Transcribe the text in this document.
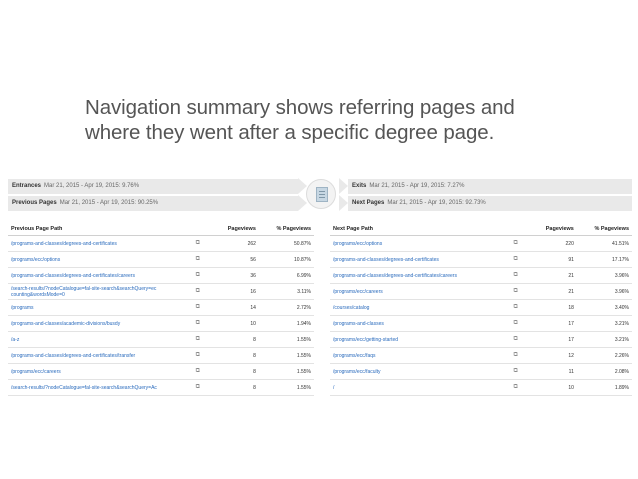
Navigation summary shows referring pages and
where they went after a specific degree page.
Entrances Mar 21, 2015 - Apr 19, 2015: 9.76%
Previous Pages Mar 21, 2015 - Apr 19, 2015: 90.25%
Exits Mar 21, 2015 - Apr 19, 2015: 7.27%
Next Pages Mar 21, 2015 - Apr 19, 2015: 92.73%
Previous Page Path		Pageviews	% Pageviews
/programs-and-classes/degrees-and-certificates	⧉	262	50.87%
/programs/ecc/options	⧉	56	10.87%
/programs-and-classes/degrees-and-certificates/careers	⧉	36	6.99%
/search-results/?nodeCatalogue=fal-site-search&searchQuery=ec counting&wordsMode=0	⧉	16	3.11%
/programs	⧉	14	2.72%
/programs-and-classes/academic-divisions/busdy	⧉	10	1.94%
/a-z	⧉	8	1.55%
/programs-and-classes/degrees-and-certificates/transfer	⧉	8	1.55%
/programs/ecc/careers	⧉	8	1.55%
/search-results/?nodeCatalogue=fal-site-search&searchQuery=Ac	⧉	8	1.55%
Next Page Path		Pageviews	% Pageviews
/programs/ecc/options	⧉	220	41.51%
/programs-and-classes/degrees-and-certificates	⧉	91	17.17%
/programs-and-classes/degrees-and-certificates/careers	⧉	21	3.96%
/programs/ecc/careers	⧉	21	3.96%
/courses/catalog	⧉	18	3.40%
/programs-and-classes	⧉	17	3.21%
/programs/ecc/getting-started	⧉	17	3.21%
/programs/ecc/faqs	⧉	12	2.26%
/programs/ecc/faculty	⧉	11	2.08%
/	⧉	10	1.89%
